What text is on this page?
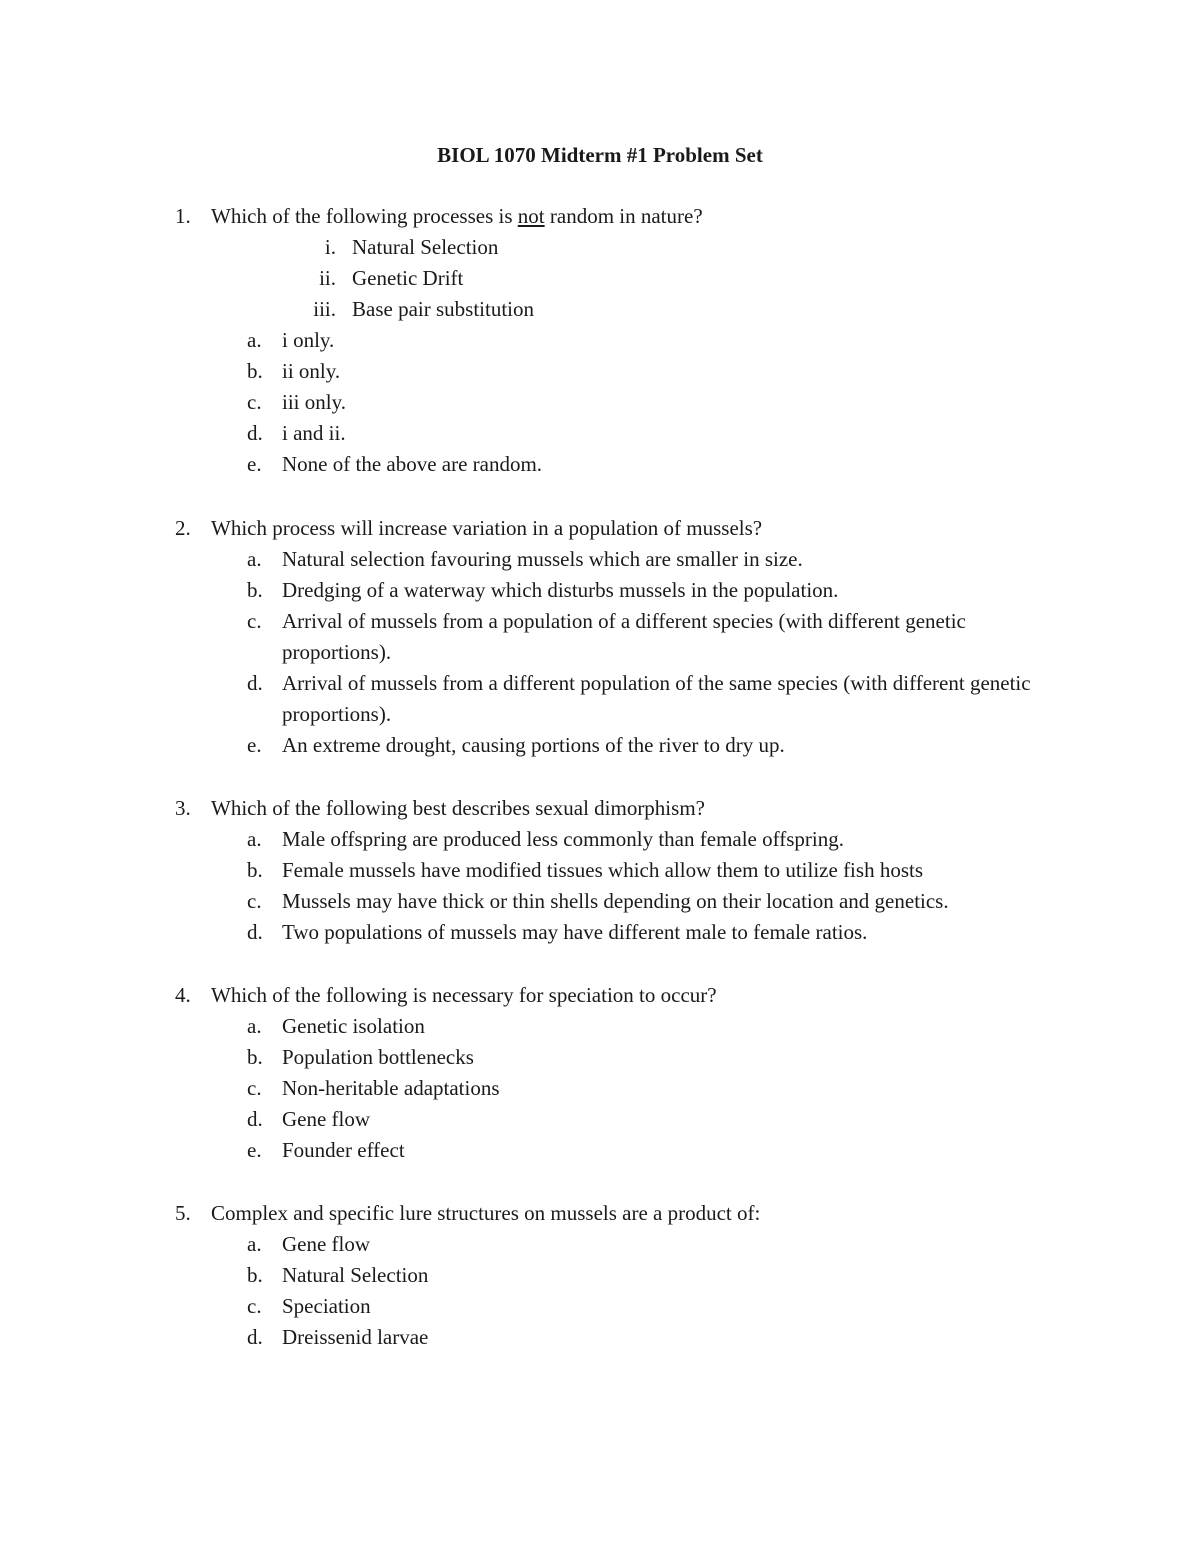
BIOL 1070 Midterm #1 Problem Set
1. Which of the following processes is not random in nature?
i. Natural Selection
ii. Genetic Drift
iii. Base pair substitution
a. i only.
b. ii only.
c. iii only.
d. i and ii.
e. None of the above are random.
2. Which process will increase variation in a population of mussels?
a. Natural selection favouring mussels which are smaller in size.
b. Dredging of a waterway which disturbs mussels in the population.
c. Arrival of mussels from a population of a different species (with different genetic proportions).
d. Arrival of mussels from a different population of the same species (with different genetic proportions).
e. An extreme drought, causing portions of the river to dry up.
3. Which of the following best describes sexual dimorphism?
a. Male offspring are produced less commonly than female offspring.
b. Female mussels have modified tissues which allow them to utilize fish hosts
c. Mussels may have thick or thin shells depending on their location and genetics.
d. Two populations of mussels may have different male to female ratios.
4. Which of the following is necessary for speciation to occur?
a. Genetic isolation
b. Population bottlenecks
c. Non-heritable adaptations
d. Gene flow
e. Founder effect
5. Complex and specific lure structures on mussels are a product of:
a. Gene flow
b. Natural Selection
c. Speciation
d. Dreissenid larvae
